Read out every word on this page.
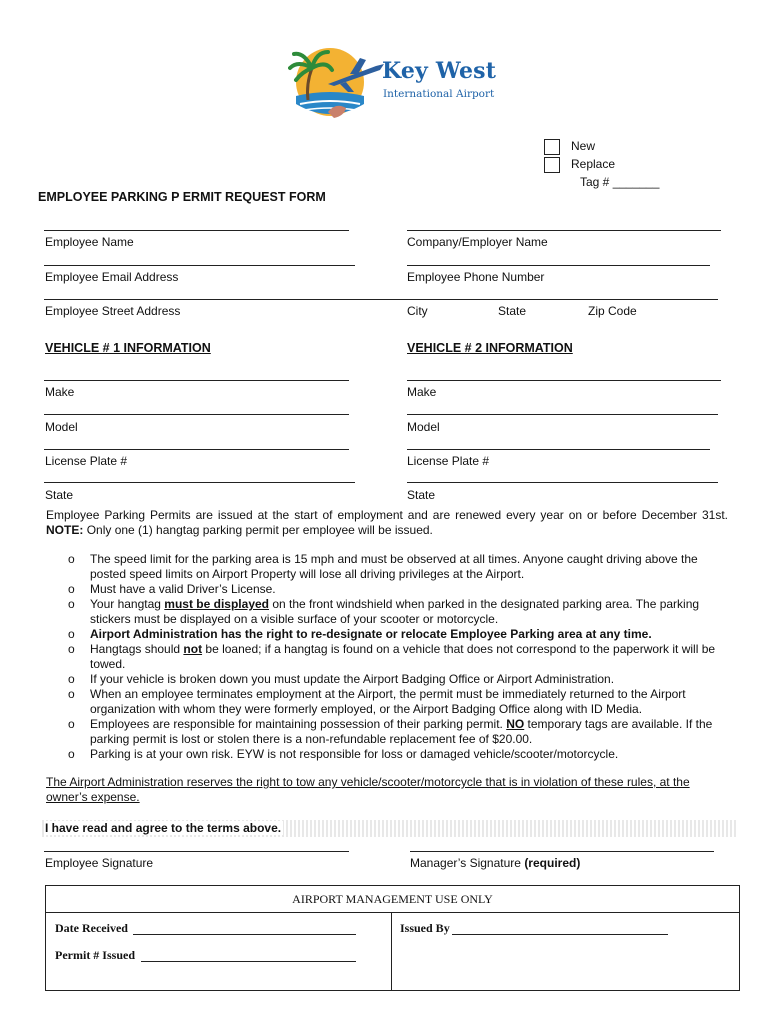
Key West
International Airport
New
Replace
Tag # _______
EMPLOYEE PARKING P ERMIT REQUEST FORM
Employee Name	Company/Employer Name
Employee Email Address	Employee Phone Number
Employee Street Address	City	State	Zip Code
VEHICLE # 1 INFORMATION	VEHICLE # 2 INFORMATION
Make	Make
Model	Model
License Plate #	License Plate #
State	State
Employee Parking Permits are issued at the start of employment and are renewed every year on or before December 31st. NOTE: Only one (1) hangtag parking permit per employee will be issued.
o The speed limit for the parking area is 15 mph and must be observed at all times. Anyone caught driving above the posted speed limits on Airport Property will lose all driving privileges at the Airport.
o Must have a valid Driver’s License.
o Your hangtag must be displayed on the front windshield when parked in the designated parking area. The parking stickers must be displayed on a visible surface of your scooter or motorcycle.
o Airport Administration has the right to re-designate or relocate Employee Parking area at any time.
o Hangtags should not be loaned; if a hangtag is found on a vehicle that does not correspond to the paperwork it will be towed.
o If your vehicle is broken down you must update the Airport Badging Office or Airport Administration.
o When an employee terminates employment at the Airport, the permit must be immediately returned to the Airport organization with whom they were formerly employed, or the Airport Badging Office along with ID Media.
o Employees are responsible for maintaining possession of their parking permit. NO temporary tags are available. If the parking permit is lost or stolen there is a non-refundable replacement fee of $20.00.
o Parking is at your own risk. EYW is not responsible for loss or damaged vehicle/scooter/motorcycle.
The Airport Administration reserves the right to tow any vehicle/scooter/motorcycle that is in violation of these rules, at the owner’s expense.
I have read and agree to the terms above.
Employee Signature	Manager’s Signature (required)
AIRPORT MANAGEMENT USE ONLY
Date Received
Permit # Issued
Issued By
